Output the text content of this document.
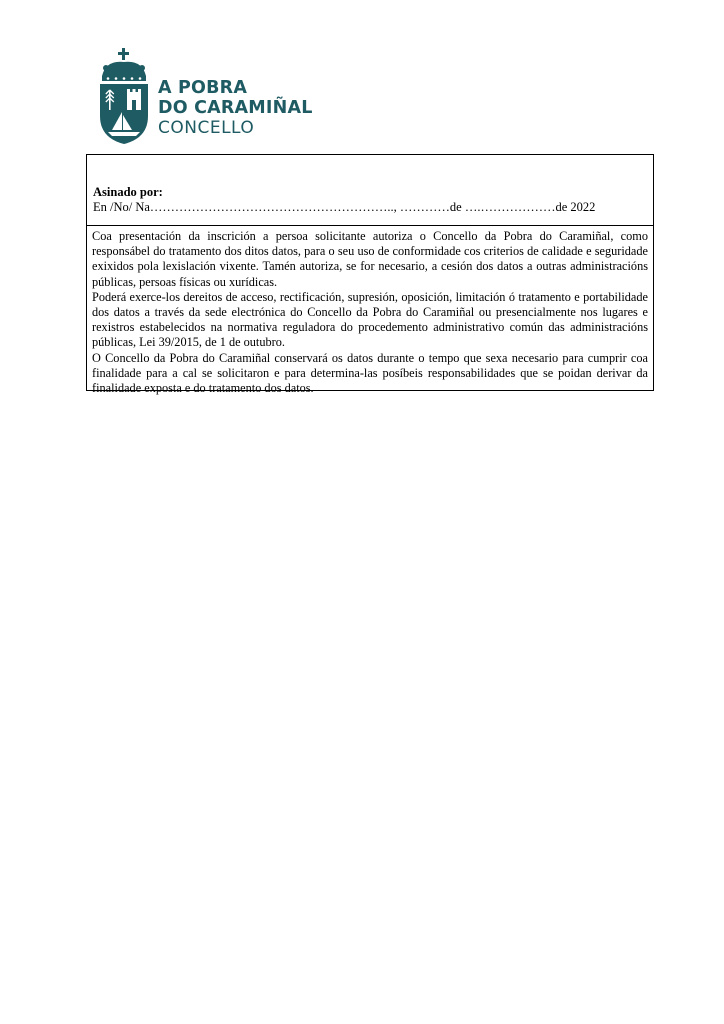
A POBRA
DO CARAMIÑAL
CONCELLO
Asinado por:
En /No/ Na………………………………………………….., …………de ….………………de 2022

Coa presentación da inscrición a persoa solicitante autoriza o Concello da Pobra do Caramiñal, como responsábel do tratamento dos ditos datos, para o seu uso de conformidade cos criterios de calidade e seguridade exixidos pola lexislación vixente. Tamén autoriza, se for necesario, a cesión dos datos a outras administracións públicas, persoas físicas ou xurídicas.

Poderá exerce-los dereitos de acceso, rectificación, supresión, oposición, limitación ó tratamento e portabilidade dos datos a través da sede electrónica do Concello da Pobra do Caramiñal ou presencialmente nos lugares e rexistros estabelecidos na normativa reguladora do procedemento administrativo común das administracións públicas, Lei 39/2015, de 1 de outubro.

O Concello da Pobra do Caramiñal conservará os datos durante o tempo que sexa necesario para cumprir coa finalidade para a cal se solicitaron e para determina-las posíbeis responsabilidades que se poidan derivar da finalidade exposta e do tratamento dos datos.
